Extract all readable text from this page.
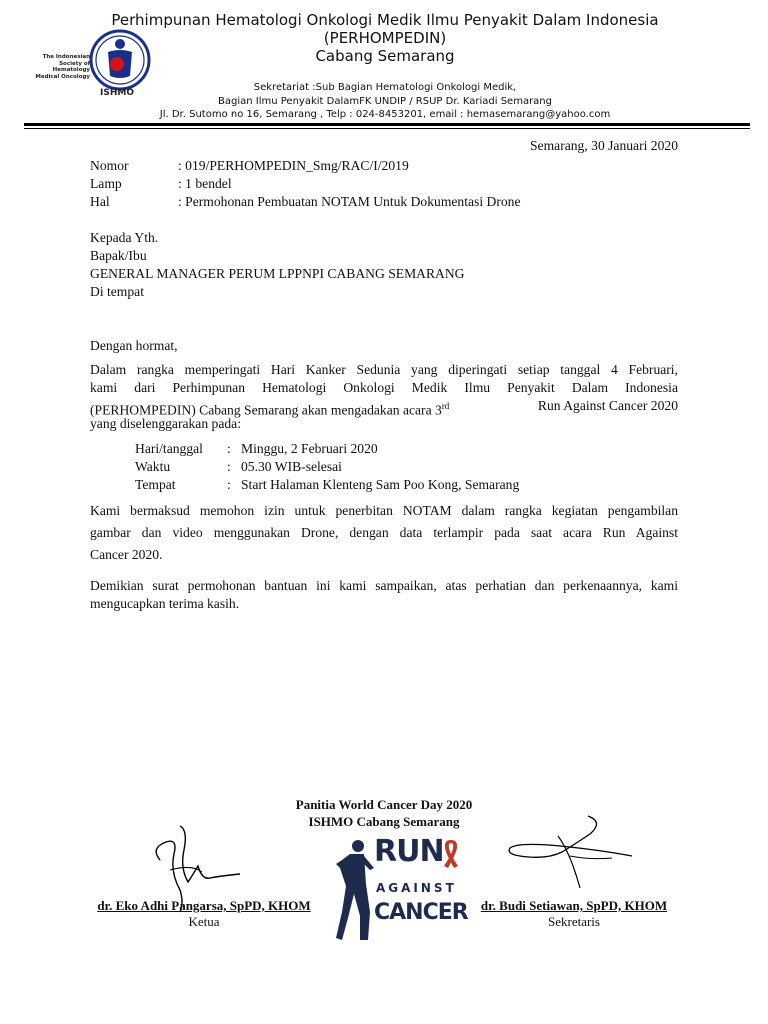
The Indonesian Society of Hematology Medical Oncology
ISHMO
Perhimpunan Hematologi Onkologi Medik Ilmu Penyakit Dalam Indonesia
(PERHOMPEDIN)
Cabang Semarang
Sekretariat :Sub Bagian Hematologi Onkologi Medik,
Bagian Ilmu Penyakit DalamFK UNDIP / RSUP Dr. Kariadi Semarang
Jl. Dr. Sutomo no 16, Semarang , Telp : 024-8453201, email : hemasemarang@yahoo.com
Semarang, 30 Januari 2020
Nomor	: 019/PERHOMPEDIN_Smg/RAC/I/2019
Lamp	: 1 bendel
Hal	: Permohonan Pembuatan NOTAM Untuk Dokumentasi Drone
Kepada Yth.
Bapak/Ibu
GENERAL MANAGER PERUM LPPNPI CABANG SEMARANG
Di tempat
Dengan hormat,
Dalam rangka memperingati Hari Kanker Sedunia yang diperingati setiap tanggal 4 Februari,
kami dari Perhimpunan Hematologi Onkologi Medik Ilmu Penyakit Dalam Indonesia
(PERHOMPEDIN) Cabang Semarang akan mengadakan acara 3rd	Run Against Cancer 2020
yang diselenggarakan pada:
Hari/tanggal	: Minggu, 2 Februari 2020
Waktu	: 05.30 WIB-selesai
Tempat	: Start Halaman Klenteng Sam Poo Kong, Semarang
Kami bermaksud memohon izin untuk penerbitan NOTAM dalam rangka kegiatan pengambilan
gambar dan video menggunakan Drone, dengan data terlampir pada saat acara Run Against
Cancer 2020.
Demikian surat permohonan bantuan ini kami sampaikan, atas perhatian dan perkenaannya, kami
mengucapkan terima kasih.
Panitia World Cancer Day 2020
ISHMO Cabang Semarang
dr. Eko Adhi Pangarsa, SpPD, KHOM
Ketua
dr. Budi Setiawan, SpPD, KHOM
Sekretaris
RUN
AGAINST
CANCER
